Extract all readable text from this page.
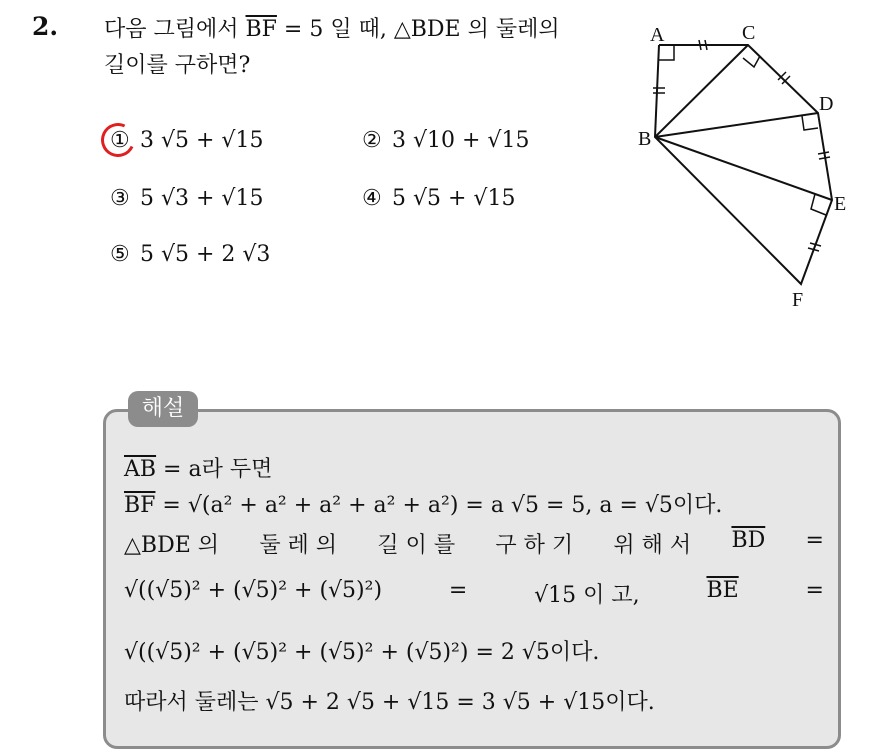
2. 다음 그림에서 $\overline{BF} = 5$ 일 때, △BDE 의 둘레의
길이를 구하면?
① 3 √5 + √15	② 3 √10 + √15
③ 5 √3 + √15	④ 5 √5 + √15
⑤ 5 √5 + 2 √3
A	C
D
B
E
F
해설
$\overline{AB} = a$라 두면
$\overline{BF} = √(a^2 + a^2 + a^2 + a^2 + a^2) = a$ √5 = 5, a = √5이다.
△BDE 의 둘 레 의 길 이 를 구 하 기 위 해 서 $\overline{BD}$ =
√((√5)² + (√5)² + (√5)²)	=	√15 이 고,	$\overline{BE}$	=
√((√5)² + (√5)² + (√5)² + (√5)²) = 2 √5이다.
따라서 둘레는 √5 + 2 √5 + √15 = 3 √5 + √15이다.
